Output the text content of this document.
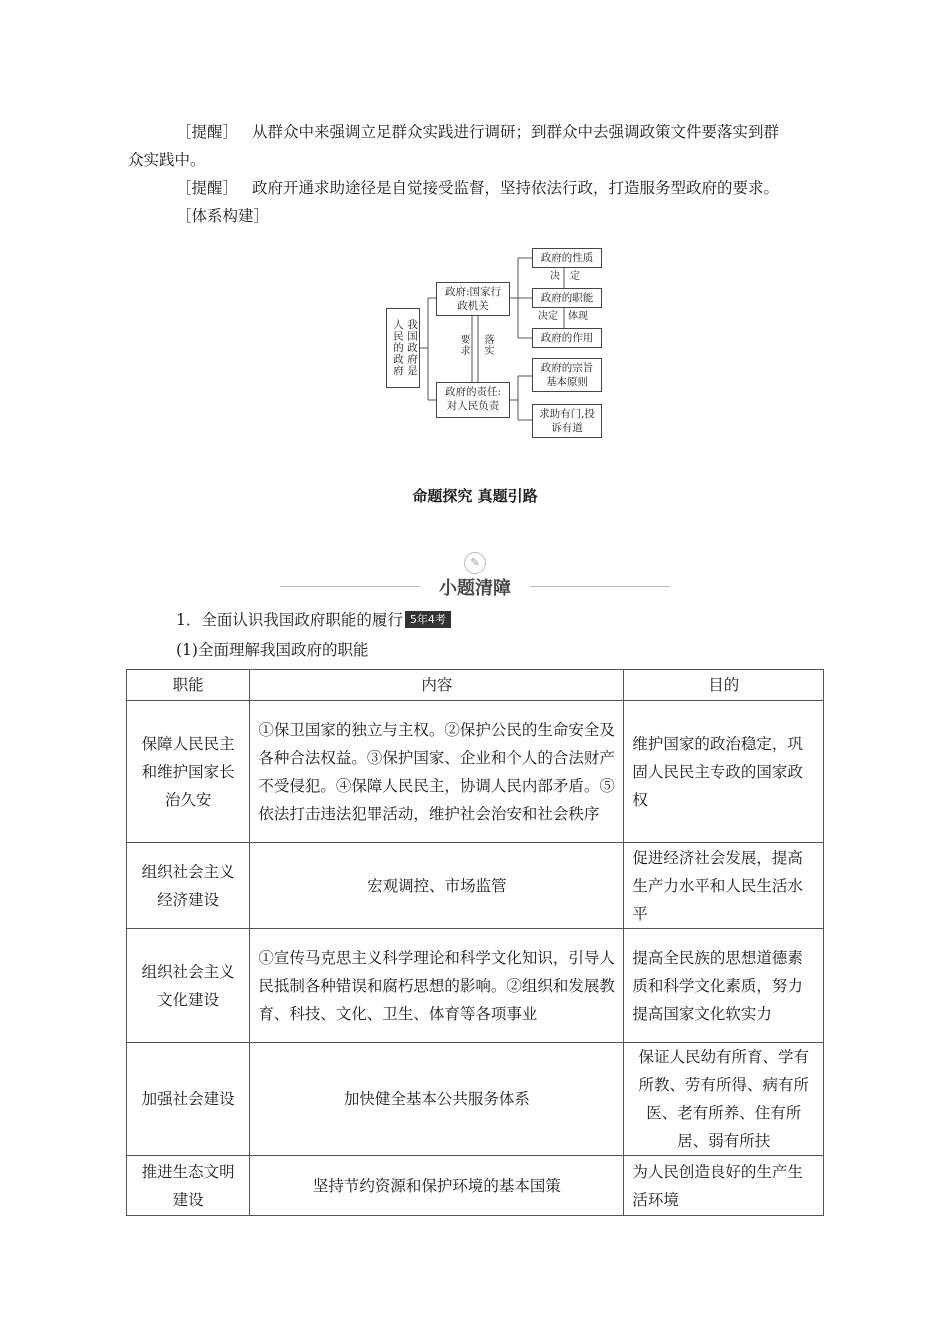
［提醒］ 从群众中来强调立足群众实践进行调研；到群众中去强调政策文件要落实到群
众实践中。
［提醒］ 政府开通求助途径是自觉接受监督，坚持依法行政，打造服务型政府的要求。
［体系构建］
我国政府是人民的政府
政府:国家行政机关
政府的责任:对人民负责
政府的性质
政府的职能
政府的作用
政府的宗旨基本原则
求助有门,投诉有道
决　定
决定 体现
要求 落实
命题探究 真题引路
✎
小题清障
1．全面认识我国政府职能的履行 5年4考
(1)全面理解我国政府的职能
职能	内容	目的
保障人民民主和维护国家长治久安	①保卫国家的独立与主权。②保护公民的生命安全及各种合法权益。③保护国家、企业和个人的合法财产不受侵犯。④保障人民民主，协调人民内部矛盾。⑤依法打击违法犯罪活动，维护社会治安和社会秩序	维护国家的政治稳定，巩固人民民主专政的国家政权
组织社会主义经济建设	宏观调控、市场监管	促进经济社会发展，提高生产力水平和人民生活水平
组织社会主义文化建设	①宣传马克思主义科学理论和科学文化知识，引导人民抵制各种错误和腐朽思想的影响。②组织和发展教育、科技、文化、卫生、体育等各项事业	提高全民族的思想道德素质和科学文化素质，努力提高国家文化软实力
加强社会建设	加快健全基本公共服务体系	保证人民幼有所育、学有所教、劳有所得、病有所医、老有所养、住有所居、弱有所扶
推进生态文明建设	坚持节约资源和保护环境的基本国策	为人民创造良好的生产生活环境
